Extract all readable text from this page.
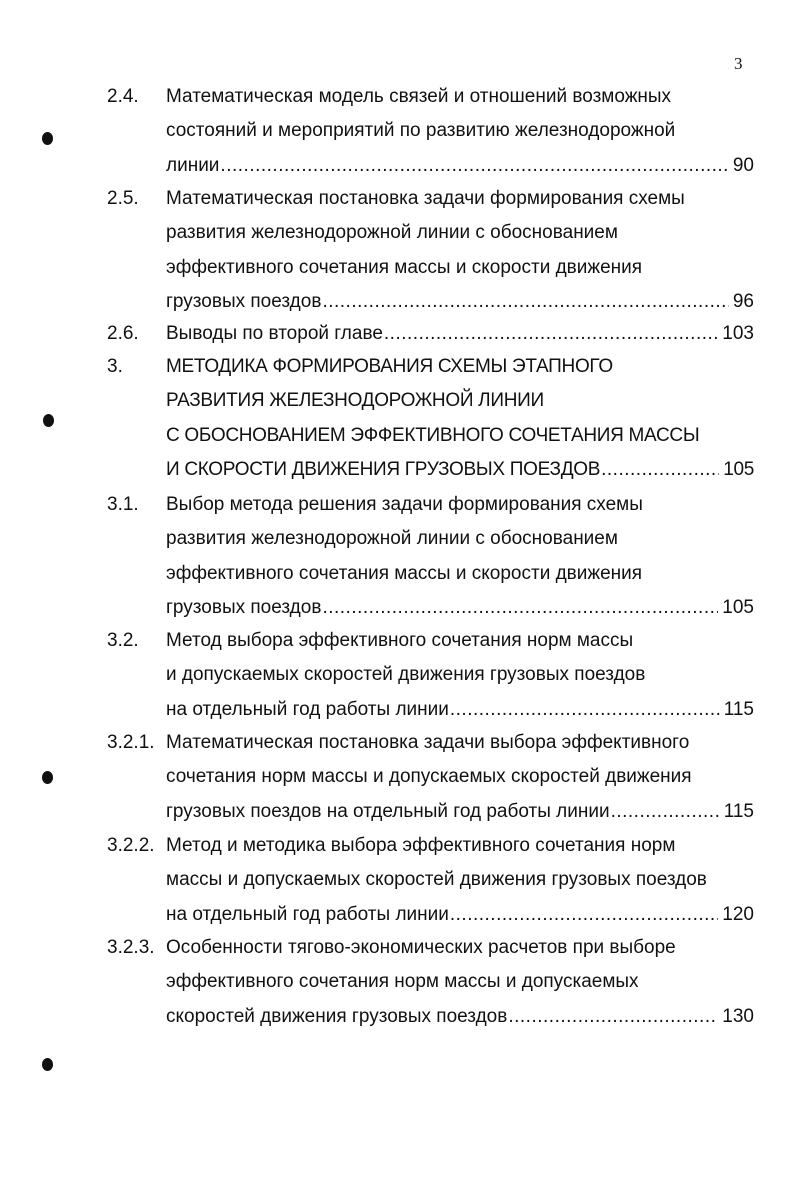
3
2.4. Математическая модель связей и отношений возможных
состояний и мероприятий по развитию железнодорожной
линии .....	90
2.5. Математическая постановка задачи формирования схемы
развития железнодорожной линии с обоснованием
эффективного сочетания массы и скорости движения
грузовых поездов .....	96
2.6. Выводы по второй главе .....	103
3. МЕТОДИКА ФОРМИРОВАНИЯ СХЕМЫ ЭТАПНОГО
РАЗВИТИЯ ЖЕЛЕЗНОДОРОЖНОЙ ЛИНИИ
С ОБОСНОВАНИЕМ ЭФФЕКТИВНОГО СОЧЕТАНИЯ МАССЫ
И СКОРОСТИ ДВИЖЕНИЯ ГРУЗОВЫХ ПОЕЗДОВ .....	105
3.1. Выбор метода решения задачи формирования схемы
развития железнодорожной линии с обоснованием
эффективного сочетания массы и скорости движения
грузовых поездов .....	105
3.2. Метод выбора эффективного сочетания норм массы
и допускаемых скоростей движения грузовых поездов
на отдельный год работы линии .....	115
3.2.1. Математическая постановка задачи выбора эффективного
сочетания норм массы и допускаемых скоростей движения
грузовых поездов на отдельный год работы линии .....	115
3.2.2. Метод и методика выбора эффективного сочетания норм
массы и допускаемых скоростей движения грузовых поездов
на отдельный год работы линии .....	120
3.2.3. Особенности тягово-экономических расчетов при выборе
эффективного сочетания норм массы и допускаемых
скоростей движения грузовых поездов .....	130
